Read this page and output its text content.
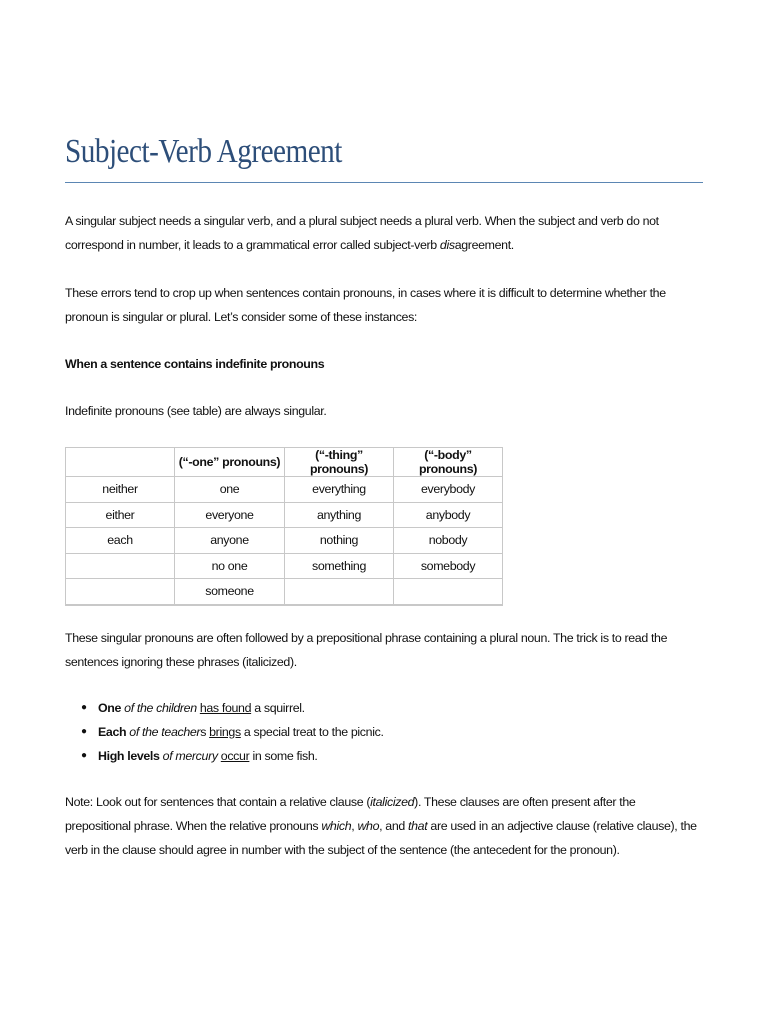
Subject-Verb Agreement
A singular subject needs a singular verb, and a plural subject needs a plural verb. When the subject and verb do not correspond in number, it leads to a grammatical error called subject-verb disagreement.
These errors tend to crop up when sentences contain pronouns, in cases where it is difficult to determine whether the pronoun is singular or plural. Let’s consider some of these instances:
When a sentence contains indefinite pronouns
Indefinite pronouns (see table) are always singular.
	(“-one” pronouns)	(“-thing” pronouns)	(“-body” pronouns)
neither	one	everything	everybody
either	everyone	anything	anybody
each	anyone	nothing	nobody
	no one	something	somebody
	someone		
These singular pronouns are often followed by a prepositional phrase containing a plural noun. The trick is to read the sentences ignoring these phrases (italicized).
● One of the children has found a squirrel.
● Each of the teachers brings a special treat to the picnic.
● High levels of mercury occur in some fish.
Note: Look out for sentences that contain a relative clause (italicized). These clauses are often present after the prepositional phrase. When the relative pronouns which, who, and that are used in an adjective clause (relative clause), the verb in the clause should agree in number with the subject of the sentence (the antecedent for the pronoun).
